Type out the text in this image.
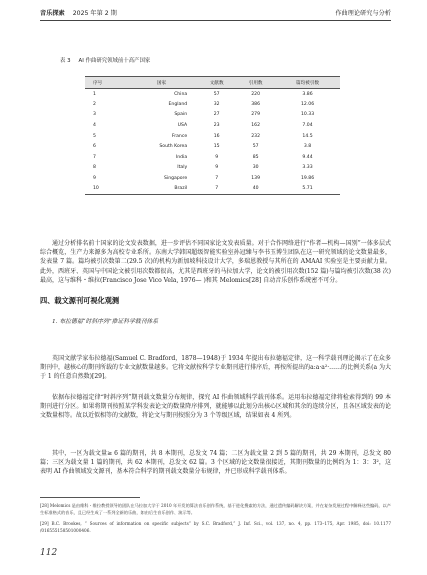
音乐探索 2025 年第 2 期	作曲理论研究与分析
表 3 AI 作曲研究领域前十高产国家
序号	国家	文献数	引用数	篇均被引数
1	China	57	220	3.86
2	England	32	386	12.06
3	Spain	27	279	10.33
4	USA	23	162	7.04
5	France	16	232	14.5
6	South Korea	15	57	3.8
7	India	9	85	9.44
8	Italy	9	30	3.33
9	Singapore	7	139	19.86
10	Brazil	7	40	5.71

通过分析排名前十国家的论文发表数据，进一步评估不同国家论文发表质量。对于合作网络进行“作者—机构—国别”一体多层式综合概览，生产力来源多为高校专业系所。东南大学韩国超级智能实验室孙冠臻与李书玉博生团队在这一研究领域的论文数量最多，发表量 7 篇。篇均被引次数第二(29.5 次)的机构为新加坡科技设计大学，多瑞恩教授与其所在的 AMAAI 实验室是主要贡献力量。此外，西班牙、英国与中国论文被引用次数都很高，尤其是西班牙的马拉加大学，论文的被引用次数(152 篇)与篇均被引次数(38 次)最高，这与维科・维拉(Francisco Jose Vico Vela, 1976— )和其 Melomics[28] 自动音乐创作系统密不可分。

四、载文源刊可视化观测
1. 布拉德福“时斜序列”推证科学载刊体系

英国文献学家布拉德福(Samuel C. Bradford，1878—1948)于 1934 年提出布拉德福定律，这一科学载刊理论揭示了在众多期刊中，越核心的期刊所载的专业文献数量越多。它将文献按科学专业期刊进行排序后，再按所提出的a:a·a²·……的比例关系(a 为大于 1 的任意自然数)[29]。

依据布拉德福定律“时斜序列”期刊载文数量分布规律，探究 AI 作曲领域科学载刊体系。运用布拉德福定律将检索得到的 99 本期刊进行分区。如果将期刊按照某学科发表论文的数量降序排列，就能够以此划分出核心区域和其余的连续分区，且各区域发表的论文数量相等。故以近似相等的文献数，将论文与期刊按照分为 3 个等级区域，结果如表 4 所列。

其中，一区为载文量≥ 6 篇的期刊，共 8 本期刊，总发文 74 篇；二区为载文量 2 到 5 篇的期刊，共 29 本期刊，总发文 80 篇；三区为载文量 1 篇的期刊，共 62 本期刊，总发文 62 篇。3 个区域的论文数量很接近，其期刊数量的比例约为 1：3：3²，这表明 AI 作曲领域发文源刊，基本符合科学的期刊载文数量分布规律，并已形成科学载刊体系。

[28] Melomics 是由维科・维拉教授领导的团队在马拉加大学于 2010 年开发的算法音乐创作系统，基于进化搜索的方法，通过遗传编码解决方案，并在复杂发展过程中解释这些编码，以产生标准格式的音乐，且已经生成了一系列全新的乐曲，如由后生音乐创作、演示等。

[29] B.C. Brookes, “ Sources of information on specific subjects” by S.C. Bradford,” J. Inf. Sci., vol. 137, no. 4, pp. 173–175, Apr. 1985, doi: 10.1177 /016555158501000406.

112
